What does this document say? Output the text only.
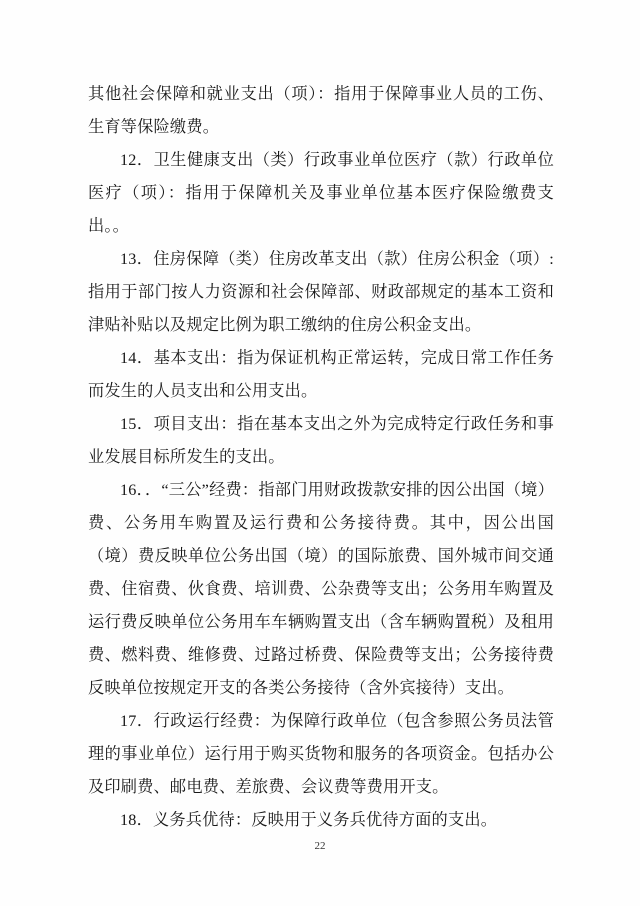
其他社会保障和就业支出（项）：指用于保障事业人员的工伤、生育等保险缴费。

12．卫生健康支出（类）行政事业单位医疗（款）行政单位医疗（项）：指用于保障机关及事业单位基本医疗保险缴费支出。。

13．住房保障（类）住房改革支出（款）住房公积金（项）:指用于部门按人力资源和社会保障部、财政部规定的基本工资和津贴补贴以及规定比例为职工缴纳的住房公积金支出。

14．基本支出：指为保证机构正常运转，完成日常工作任务而发生的人员支出和公用支出。

15．项目支出：指在基本支出之外为完成特定行政任务和事业发展目标所发生的支出。

16．．“三公”经费：指部门用财政拨款安排的因公出国（境）费、公务用车购置及运行费和公务接待费。其中，因公出国（境）费反映单位公务出国（境）的国际旅费、国外城市间交通费、住宿费、伙食费、培训费、公杂费等支出；公务用车购置及运行费反映单位公务用车车辆购置支出（含车辆购置税）及租用费、燃料费、维修费、过路过桥费、保险费等支出；公务接待费反映单位按规定开支的各类公务接待（含外宾接待）支出。

17．行政运行经费：为保障行政单位（包含参照公务员法管理的事业单位）运行用于购买货物和服务的各项资金。包括办公及印刷费、邮电费、差旅费、会议费等费用开支。

18．义务兵优待：反映用于义务兵优待方面的支出。

22
